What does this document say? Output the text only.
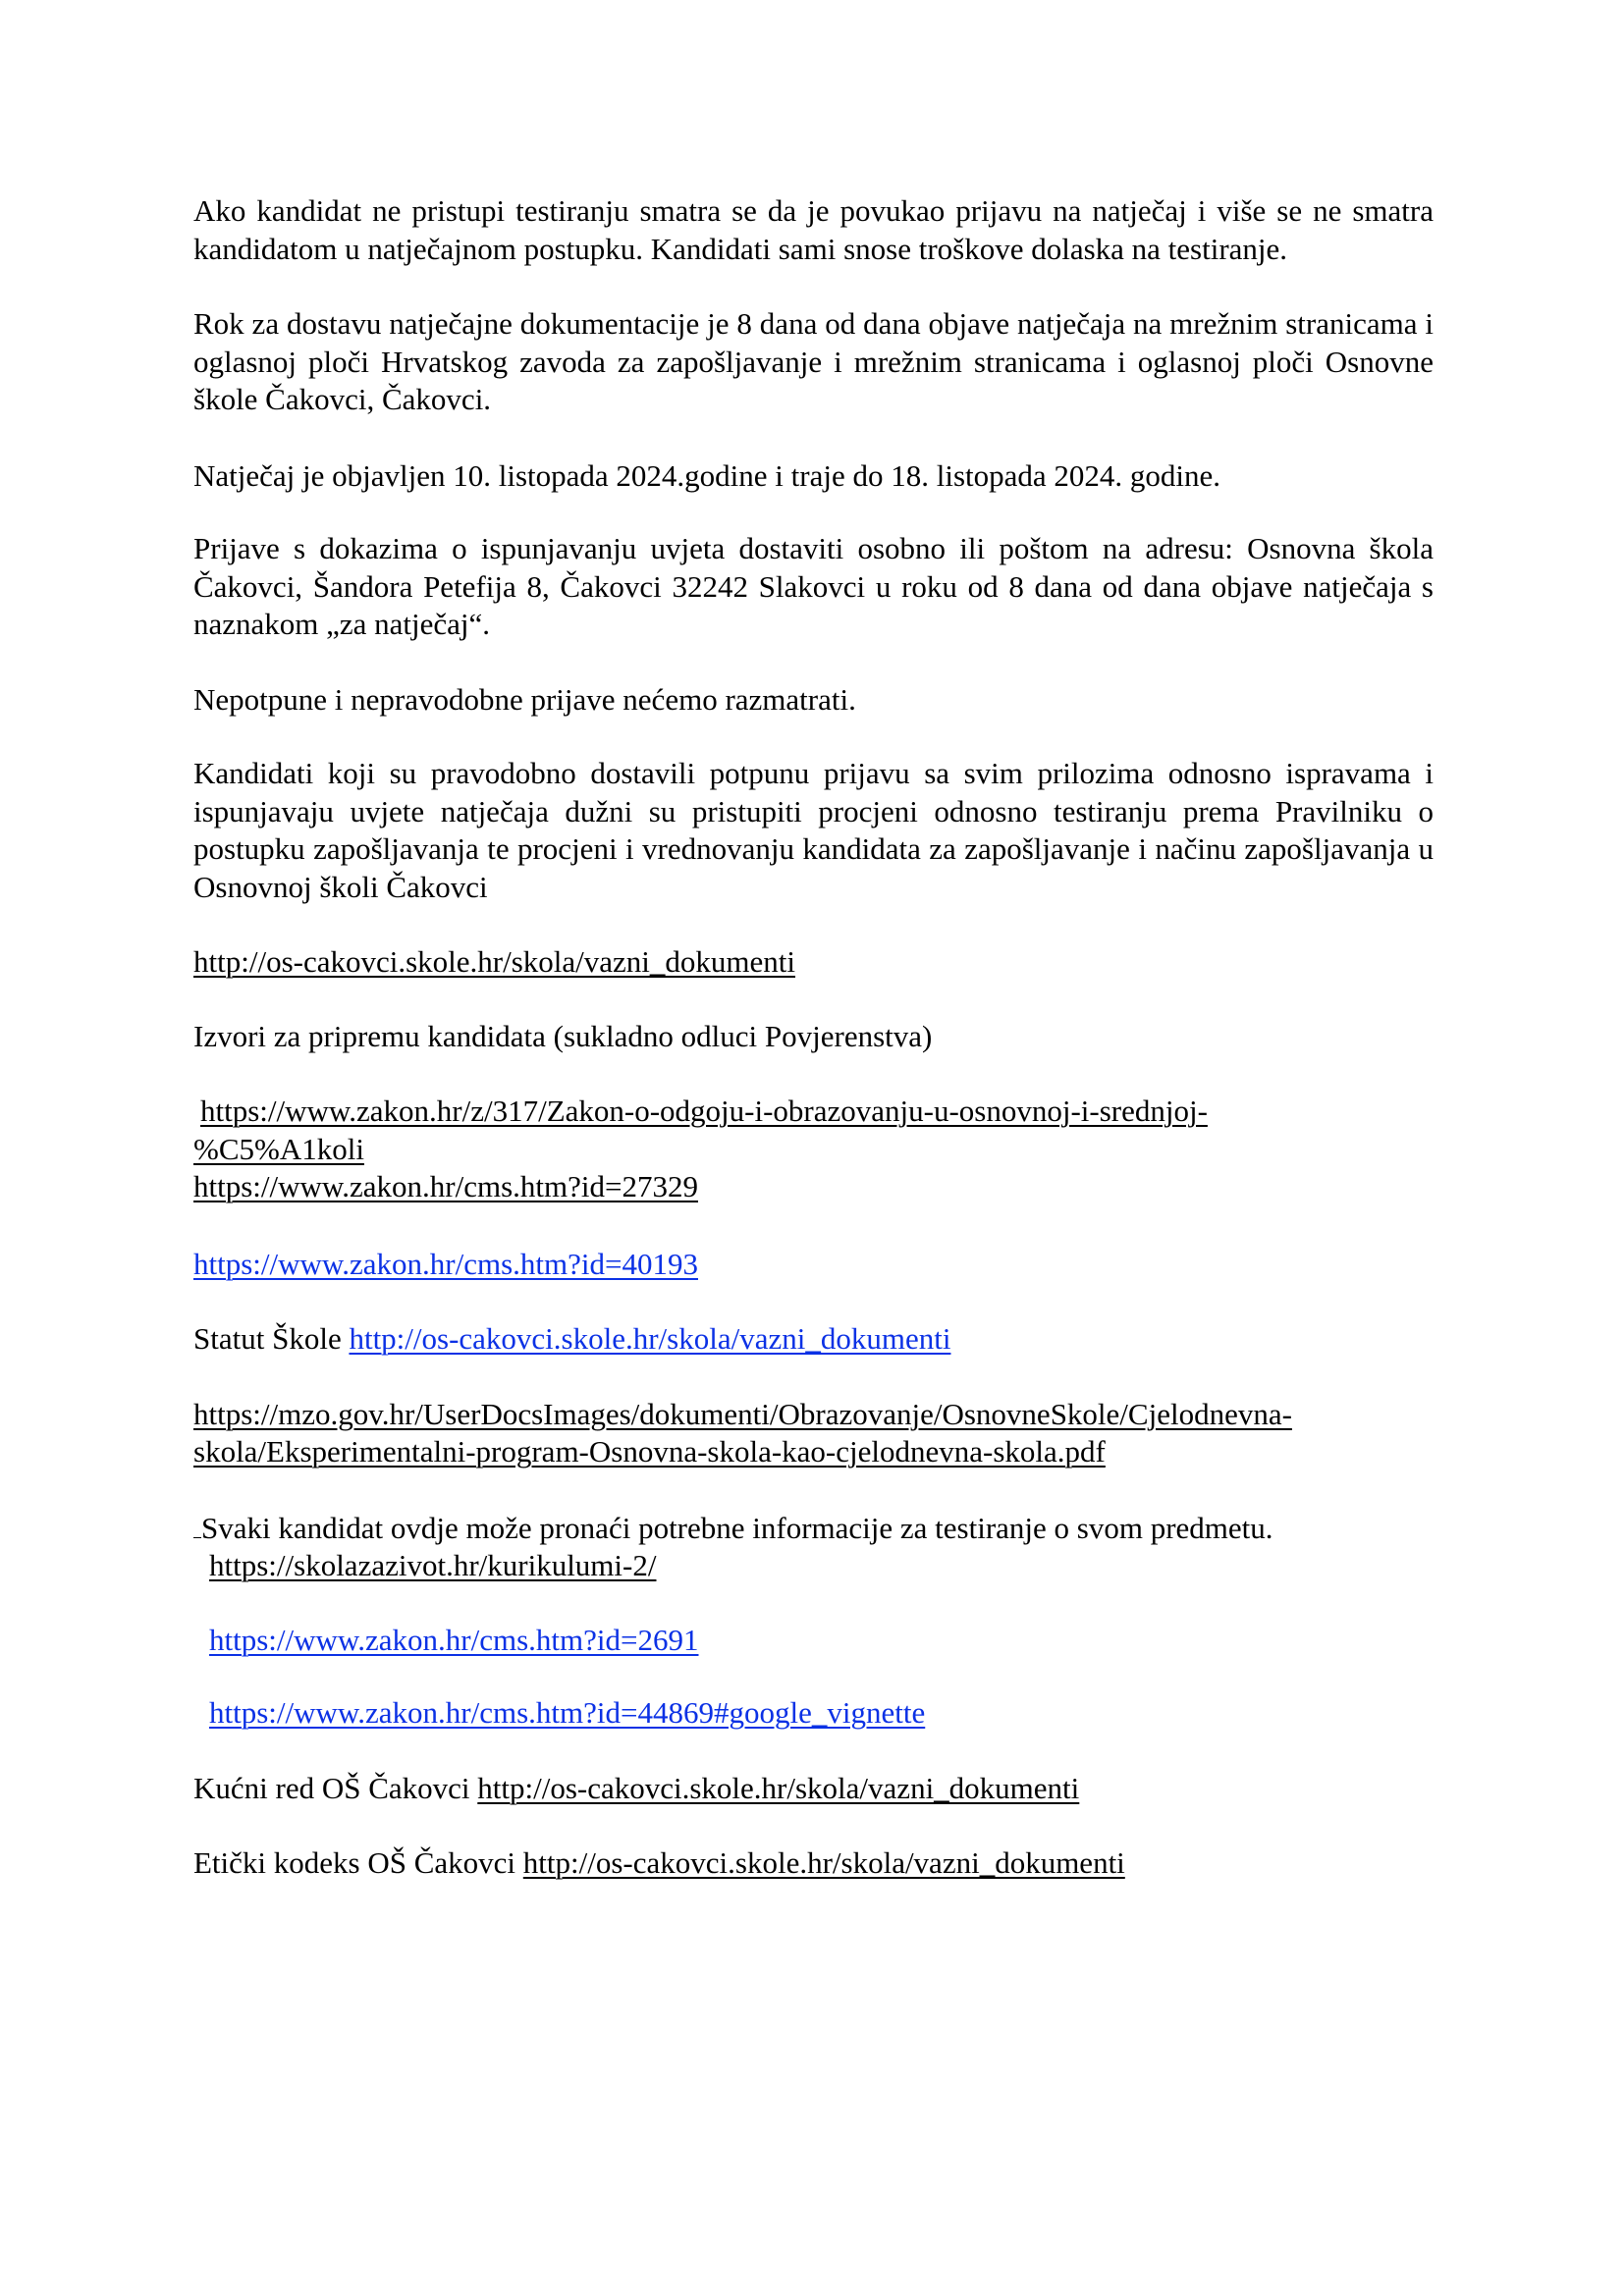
Ako kandidat ne pristupi testiranju smatra se da je povukao prijavu na natječaj i više se ne smatra kandidatom u natječajnom postupku. Kandidati sami snose troškove dolaska na testiranje.

Rok za dostavu natječajne dokumentacije je 8 dana od dana objave natječaja na mrežnim stranicama i oglasnoj ploči Hrvatskog zavoda za zapošljavanje i mrežnim stranicama i oglasnoj ploči Osnovne škole Čakovci, Čakovci.

Natječaj je objavljen 10. listopada 2024.godine i traje do 18. listopada 2024. godine.

Prijave s dokazima o ispunjavanju uvjeta dostaviti osobno ili poštom na adresu: Osnovna škola Čakovci, Šandora Petefija 8, Čakovci 32242 Slakovci u roku od 8 dana od dana objave natječaja s naznakom „za natječaj“.

Nepotpune i nepravodobne prijave nećemo razmatrati.

Kandidati koji su pravodobno dostavili potpunu prijavu sa svim prilozima odnosno ispravama i ispunjavaju uvjete natječaja dužni su pristupiti procjeni odnosno testiranju prema Pravilniku o postupku zapošljavanja te procjeni i vrednovanju kandidata za zapošljavanje i načinu zapošljavanja u Osnovnoj školi Čakovci

http://os-cakovci.skole.hr/skola/vazni_dokumenti

Izvori za pripremu kandidata (sukladno odluci Povjerenstva)

https://www.zakon.hr/z/317/Zakon-o-odgoju-i-obrazovanju-u-osnovnoj-i-srednjoj-

%C5%A1koli

https://www.zakon.hr/cms.htm?id=27329

https://www.zakon.hr/cms.htm?id=40193

Statut Škole http://os-cakovci.skole.hr/skola/vazni_dokumenti

https://mzo.gov.hr/UserDocsImages/dokumenti/Obrazovanje/OsnovneSkole/Cjelodnevna-

skola/Eksperimentalni-program-Osnovna-skola-kao-cjelodnevna-skola.pdf

Svaki kandidat ovdje može pronaći potrebne informacije za testiranje o svom predmetu.

https://skolazazivot.hr/kurikulumi-2/

https://www.zakon.hr/cms.htm?id=2691

https://www.zakon.hr/cms.htm?id=44869#google_vignette

Kućni red OŠ Čakovci http://os-cakovci.skole.hr/skola/vazni_dokumenti

Etički kodeks OŠ Čakovci http://os-cakovci.skole.hr/skola/vazni_dokumenti
